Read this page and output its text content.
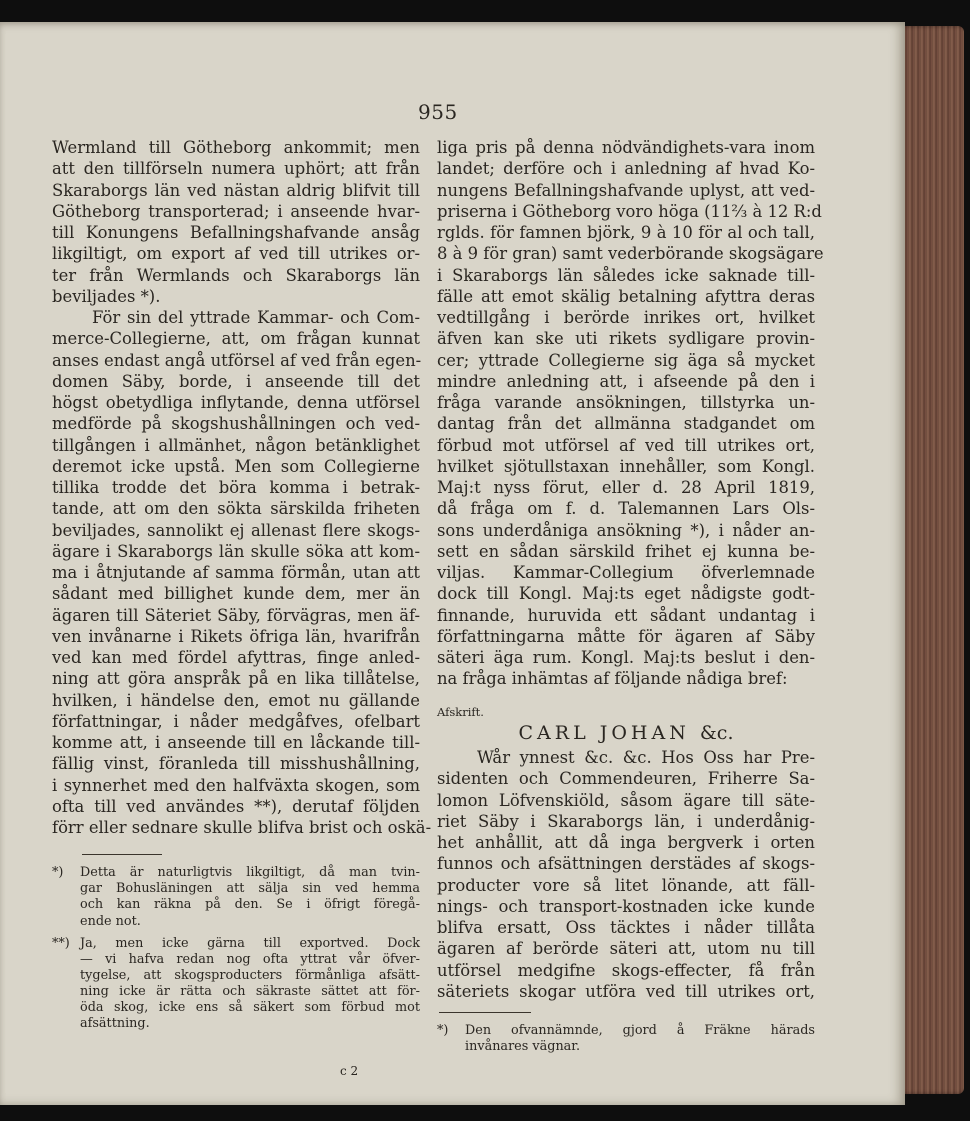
955
Wermland till Götheborg ankommit; men
att den tillförseln numera uphört; att från
Skaraborgs län ved nästan aldrig blifvit till
Götheborg transporterad; i anseende hvar-
till Konungens Befallningshafvande ansåg
likgiltigt, om export af ved till utrikes or-
ter från Wermlands och Skaraborgs län
beviljades *).
För sin del yttrade Kammar- och Com-
merce-Collegierne, att, om frågan kunnat
anses endast angå utförsel af ved från egen-
domen Säby, borde, i anseende till det
högst obetydliga inflytande, denna utförsel
medförde på skogshushållningen och ved-
tillgången i allmänhet, någon betänklighet
deremot icke upstå. Men som Collegierne
tillika trodde det böra komma i betrak-
tande, att om den sökta särskilda friheten
beviljades, sannolikt ej allenast flere skogs-
ägare i Skaraborgs län skulle söka att kom-
ma i åtnjutande af samma förmån, utan att
sådant med billighet kunde dem, mer än
ägaren till Säteriet Säby, förvägras, men äf-
ven invånarne i Rikets öfriga län, hvarifrån
ved kan med fördel afyttras, finge anled-
ning att göra anspråk på en lika tillåtelse,
hvilken, i händelse den, emot nu gällande
författningar, i nåder medgåfves, ofelbart
komme att, i anseende till en låckande till-
fällig vinst, föranleda till misshushållning,
i synnerhet med den halfväxta skogen, som
ofta till ved användes **), derutaf följden
förr eller sednare skulle blifva brist och oskä-
*) Detta är naturligtvis likgiltigt, då man tvin-
gar Bohusläningen att sälja sin ved hemma
och kan räkna på den. Se i öfrigt föregå-
ende not.
**) Ja, men icke gärna till exportved. Dock
— vi hafva redan nog ofta yttrat vår öfver-
tygelse, att skogsproducters förmånliga afsätt-
ning icke är rätta och säkraste sättet att för-
öda skog, icke ens så säkert som förbud mot
afsättning.
liga pris på denna nödvändighets-vara inom
landet; derföre och i anledning af hvad Ko-
nungens Befallningshafvande uplyst, att ved-
priserna i Götheborg voro höga (11⅔ à 12 R:d
rglds. för famnen björk, 9 à 10 för al och tall,
8 à 9 för gran) samt vederbörande skogsägare
i Skaraborgs län således icke saknade till-
fälle att emot skälig betalning afyttra deras
vedtillgång i berörde inrikes ort, hvilket
äfven kan ske uti rikets sydligare provin-
cer; yttrade Collegierne sig äga så mycket
mindre anledning att, i afseende på den i
fråga varande ansökningen, tillstyrka un-
dantag från det allmänna stadgandet om
förbud mot utförsel af ved till utrikes ort,
hvilket sjötullstaxan innehåller, som Kongl.
Maj:t nyss förut, eller d. 28 April 1819,
då fråga om f. d. Talemannen Lars Ols-
sons underdåniga ansökning *), i nåder an-
sett en sådan särskild frihet ej kunna be-
viljas. Kammar-Collegium öfverlemnade
dock till Kongl. Maj:ts eget nådigste godt-
finnande, huruvida ett sådant undantag i
författningarna måtte för ägaren af Säby
säteri äga rum. Kongl. Maj:ts beslut i den-
na fråga inhämtas af följande nådiga bref:
Afskrift.
CARL JOHAN &c.
Wår ynnest &c. &c. Hos Oss har Pre-
sidenten och Commendeuren, Friherre Sa-
lomon Löfvenskiöld, såsom ägare till säte-
riet Säby i Skaraborgs län, i underdånig-
het anhållit, att då inga bergverk i orten
funnos och afsättningen derstädes af skogs-
producter vore så litet lönande, att fäll-
nings- och transport-kostnaden icke kunde
blifva ersatt, Oss täcktes i nåder tillåta
ägaren af berörde säteri att, utom nu till
utförsel medgifne skogs-effecter, få från
säteriets skogar utföra ved till utrikes ort,
*) Den ofvannämnde, gjord å Fräkne härads
invånares vägnar.
c 2
